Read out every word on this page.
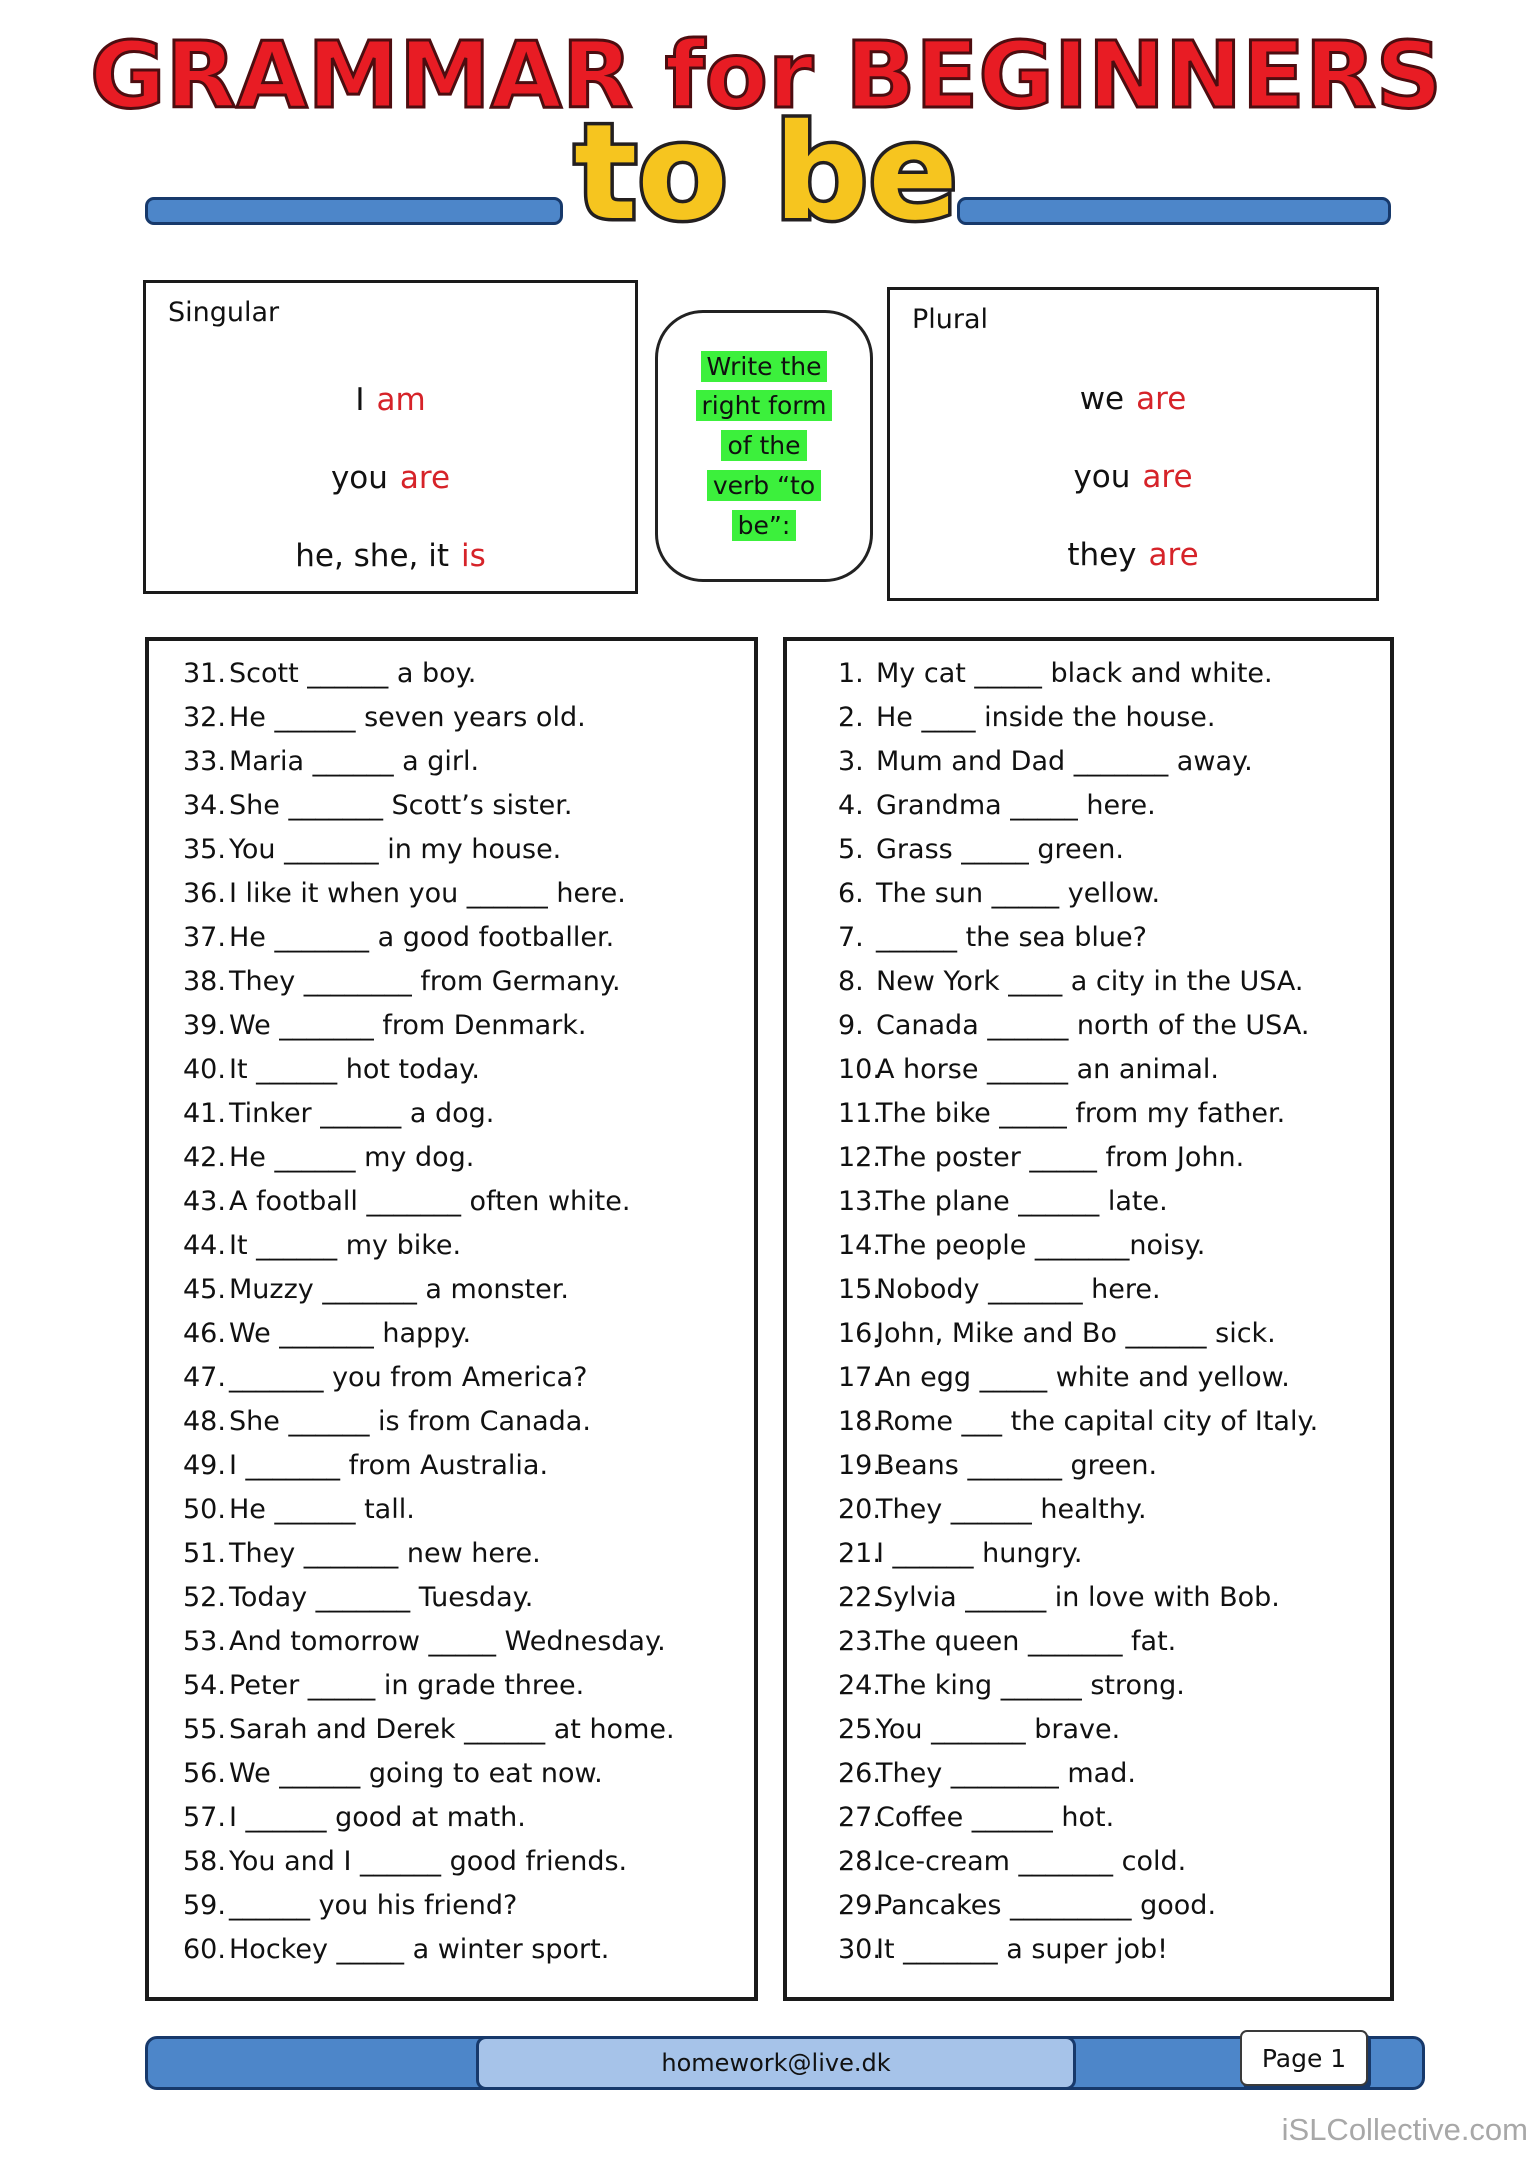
GRAMMAR for BEGINNERS
to be
Singular
I am
you are
he, she, it is
Write the
right form
of the
verb “to
be”:
Plural
we are
you are
they are
31. Scott ______ a boy.
32. He ______ seven years old.
33. Maria ______ a girl.
34. She _______ Scott’s sister.
35. You _______ in my house.
36. I like it when you ______ here.
37. He _______ a good footballer.
38. They ________ from Germany.
39. We _______ from Denmark.
40. It ______ hot today.
41. Tinker ______ a dog.
42. He ______ my dog.
43. A football _______ often white.
44. It ______ my bike.
45. Muzzy _______ a monster.
46. We _______ happy.
47. _______ you from America?
48. She ______ is from Canada.
49. I _______ from Australia.
50. He ______ tall.
51. They _______ new here.
52. Today _______ Tuesday.
53. And tomorrow _____ Wednesday.
54. Peter _____ in grade three.
55. Sarah and Derek ______ at home.
56. We ______ going to eat now.
57. I ______ good at math.
58. You and I ______ good friends.
59. ______ you his friend?
60. Hockey _____ a winter sport.
1. My cat _____ black and white.
2. He ____ inside the house.
3. Mum and Dad _______ away.
4. Grandma _____ here.
5. Grass _____ green.
6. The sun _____ yellow.
7. ______ the sea blue?
8. New York ____ a city in the USA.
9. Canada ______ north of the USA.
10.
A horse ______ an animal.
11.
The bike _____ from my father.
12.
The poster _____ from John.
13.
The plane ______ late.
14.
The people _______noisy.
15.
Nobody _______ here.
16.
John, Mike and Bo ______ sick.
17.
An egg _____ white and yellow.
18.
Rome ___ the capital city of Italy.
19.
Beans _______ green.
20.
They ______ healthy.
21.
I ______ hungry.
22.
Sylvia ______ in love with Bob.
23.
The queen _______ fat.
24.
The king ______ strong.
25.
You _______ brave.
26.
They ________ mad.
27.
Coffee ______ hot.
28.
Ice-cream _______ cold.
29.
Pancakes _________ good.
30.
It _______ a super job!
homework@live.dk	Page 1
iSLCollective.com
